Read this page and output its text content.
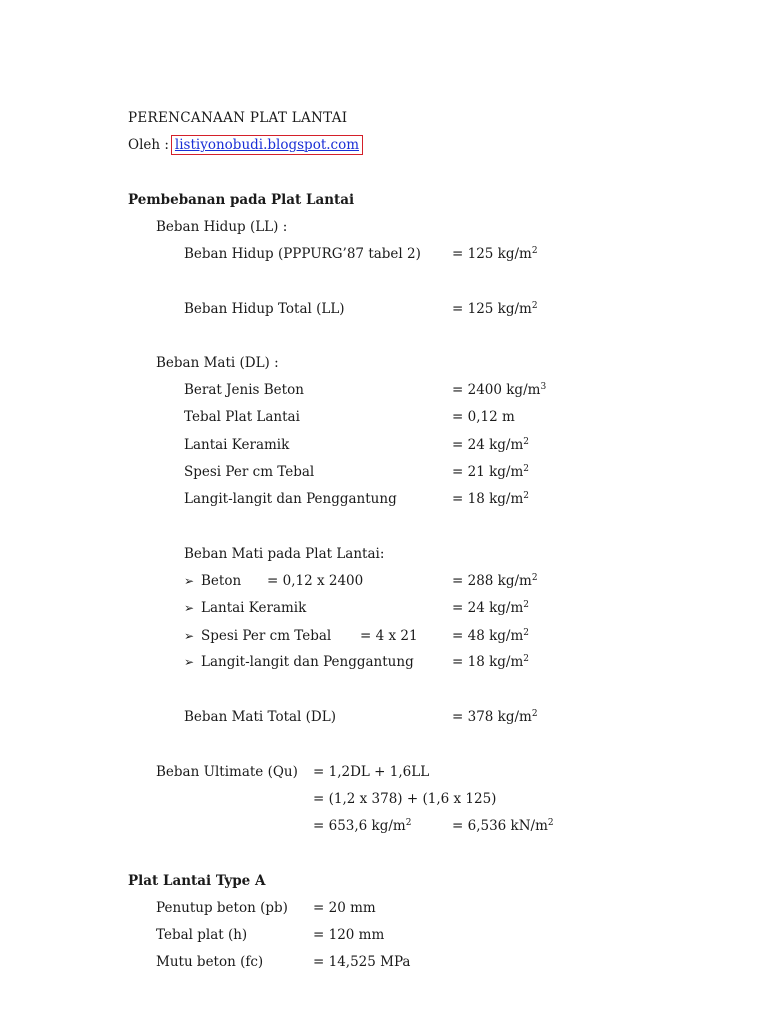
PERENCANAAN PLAT LANTAI
Oleh : listiyonobudi.blogspot.com
Pembebanan pada Plat Lantai
Beban Hidup (LL) :
Beban Hidup (PPPURG’87 tabel 2) = 125 $kg/m^2$
Beban Hidup Total (LL)	= 125 $kg/m^2$
Beban Mati (DL) :
Berat Jenis Beton	= 2400 $kg/m^3$
Tebal Plat Lantai	= 0,12 m
Lantai Keramik	= 24 $kg/m^2$
Spesi Per cm Tebal	= 21 $kg/m^2$
Langit-langit dan Penggantung	= 18 $kg/m^2$
Beban Mati pada Plat Lantai:
➢ Beton = 0,12 x 2400	= 288 $kg/m^2$
➢ Lantai Keramik	= 24 $kg/m^2$
➢ Spesi Per cm Tebal = 4 x 21	= 48 $kg/m^2$
➢ Langit-langit dan Penggantung	= 18 $kg/m^2$
Beban Mati Total (DL)	= 378 $kg/m^2$
Beban Ultimate (Qu) = 1,2DL + 1,6LL
= (1,2 x 378) + (1,6 x 125)
= 653,6 $kg/m^2$	= 6,536 $kN/m^2$
Plat Lantai Type A
Penutup beton (pb) = 20 mm
Tebal plat (h)	= 120 mm
Mutu beton (fc)	= 14,525 MPa
